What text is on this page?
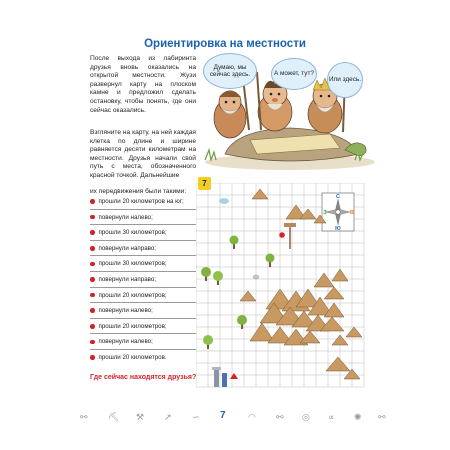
Ориентировка на местности

После выхода из лабиринта друзья вновь оказались на открытой местности. Жузи развернул карту на плоском камне и предложил сделать остановку, чтобы понять, где они сейчас оказались.

Взгляните на карту, на ней каждая клетка по длине и ширине равняется десяти километрам на местности. Друзья начали свой путь с места, обозначенного красной точкой. Дальнейшие

их передвижения были такими:

Думаю, мы сейчас здесь.	А может, тут?
Или здесь.
7
прошли 20 километров на юг;
повернули налево;
прошли 30 километров;
повернули направо;
прошли 30 километров;
повернули направо;
прошли 20 километров;
повернули налево;
прошли 20 километров;
повернули налево;
прошли 20 километров.
Где сейчас находятся друзья?
С
Ю
З	В
7
⚯ ⛏ ⚒ ↗ ∽	◠ ⚯ ◎ ∝ ✺ ⚯
